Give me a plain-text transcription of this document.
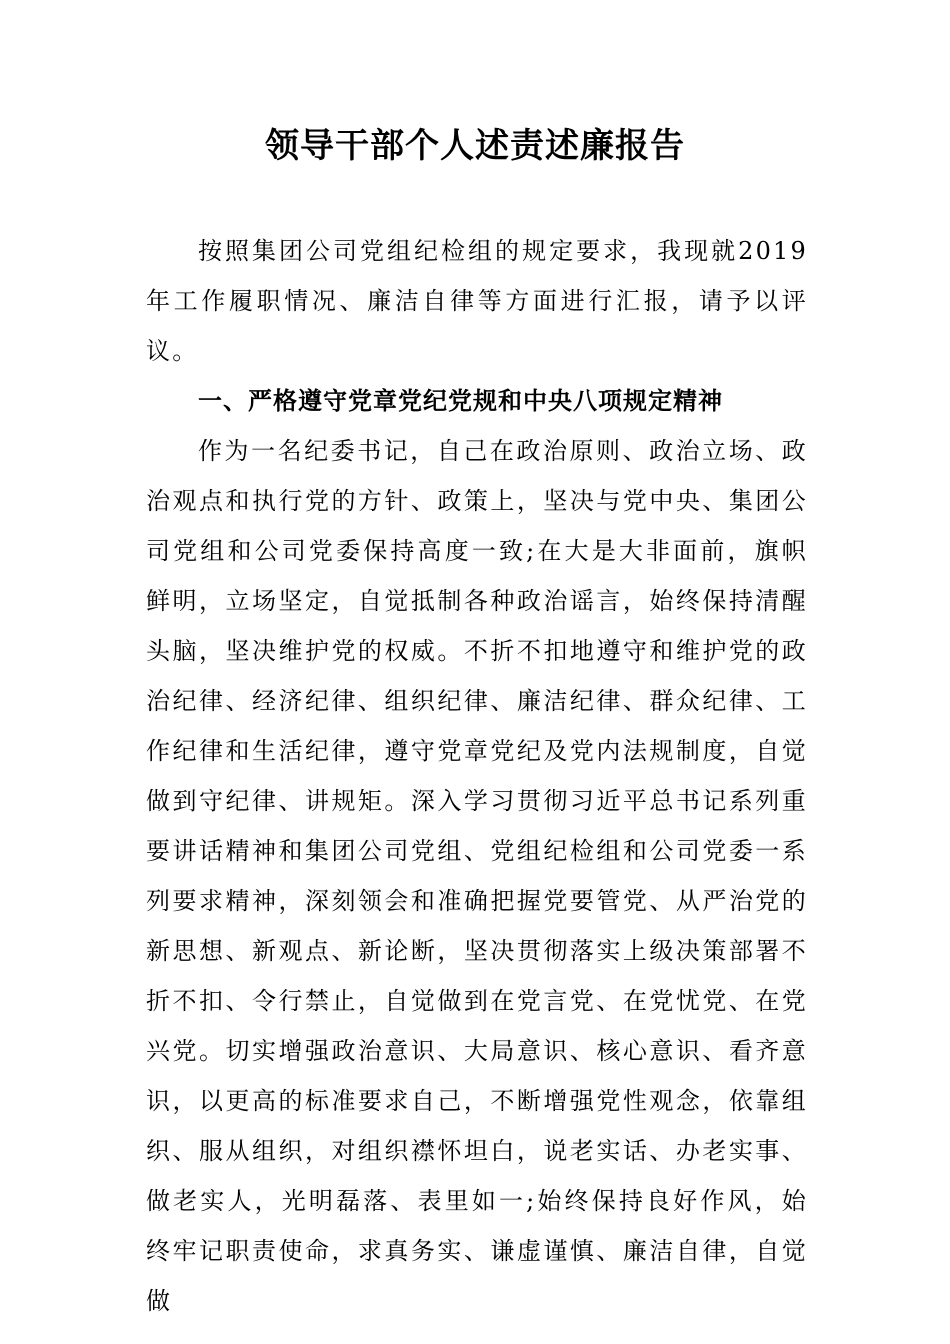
领导干部个人述责述廉报告

按照集团公司党组纪检组的规定要求，我现就2019年工作履职情况、廉洁自律等方面进行汇报，请予以评议。

一、严格遵守党章党纪党规和中央八项规定精神

作为一名纪委书记，自己在政治原则、政治立场、政治观点和执行党的方针、政策上，坚决与党中央、集团公司党组和公司党委保持高度一致;在大是大非面前，旗帜鲜明，立场坚定，自觉抵制各种政治谣言，始终保持清醒头脑，坚决维护党的权威。不折不扣地遵守和维护党的政治纪律、经济纪律、组织纪律、廉洁纪律、群众纪律、工作纪律和生活纪律，遵守党章党纪及党内法规制度，自觉做到守纪律、讲规矩。深入学习贯彻习近平总书记系列重要讲话精神和集团公司党组、党组纪检组和公司党委一系列要求精神，深刻领会和准确把握党要管党、从严治党的新思想、新观点、新论断，坚决贯彻落实上级决策部署不折不扣、令行禁止，自觉做到在党言党、在党忧党、在党兴党。切实增强政治意识、大局意识、核心意识、看齐意识，以更高的标准要求自己，不断增强党性观念，依靠组织、服从组织，对组织襟怀坦白，说老实话、办老实事、做老实人，光明磊落、表里如一;始终保持良好作风，始终牢记职责使命，求真务实、谦虚谨慎、廉洁自律，自觉做
